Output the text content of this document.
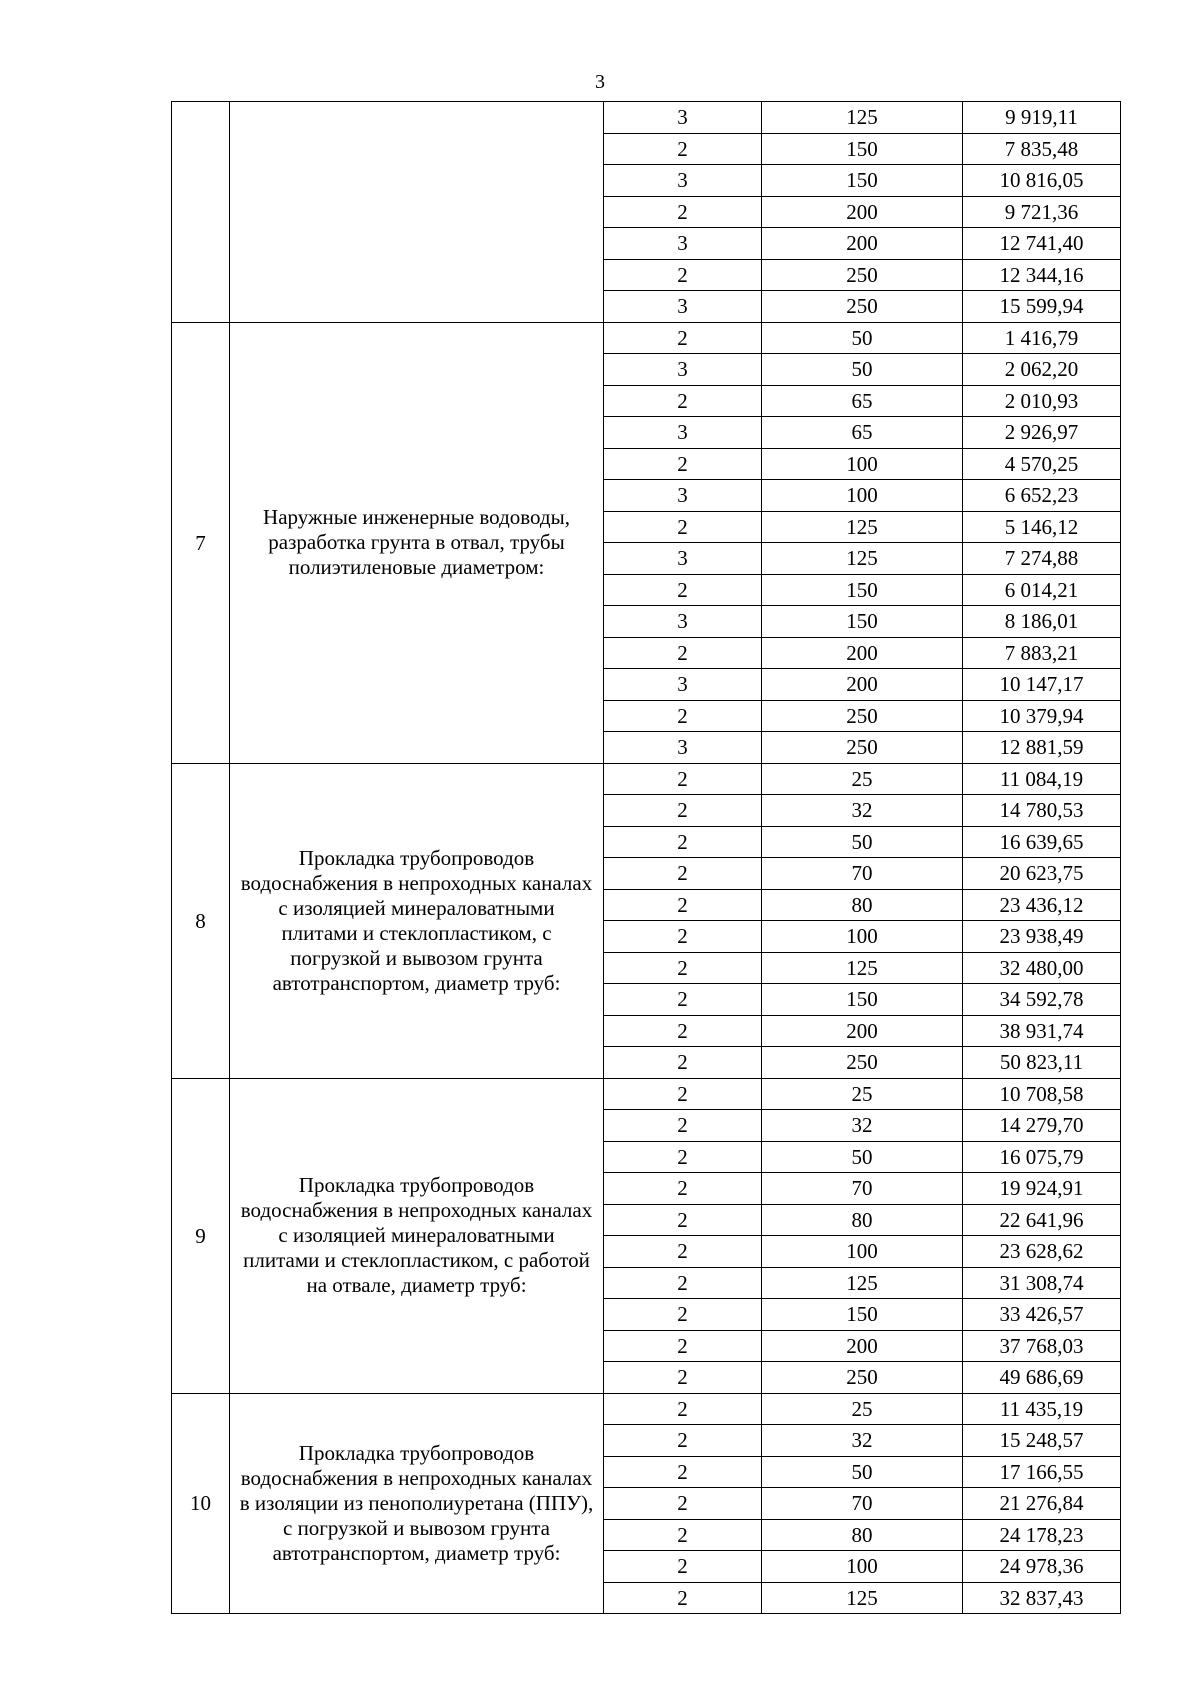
3
		3	125	9 919,11
		2	150	7 835,48
		3	150	10 816,05
		2	200	9 721,36
		3	200	12 741,40
		2	250	12 344,16
		3	250	15 599,94
7	Наружные инженерные водоводы, разработка грунта в отвал, трубы полиэтиленовые диаметром:	2	50	1 416,79
		3	50	2 062,20
		2	65	2 010,93
		3	65	2 926,97
		2	100	4 570,25
		3	100	6 652,23
		2	125	5 146,12
		3	125	7 274,88
		2	150	6 014,21
		3	150	8 186,01
		2	200	7 883,21
		3	200	10 147,17
		2	250	10 379,94
		3	250	12 881,59
8	Прокладка трубопроводов водоснабжения в непроходных каналах с изоляцией минераловатными плитами и стеклопластиком, с погрузкой и вывозом грунта автотранспортом, диаметр труб:	2	25	11 084,19
		2	32	14 780,53
		2	50	16 639,65
		2	70	20 623,75
		2	80	23 436,12
		2	100	23 938,49
		2	125	32 480,00
		2	150	34 592,78
		2	200	38 931,74
		2	250	50 823,11
9	Прокладка трубопроводов водоснабжения в непроходных каналах с изоляцией минераловатными плитами и стеклопластиком, с работой на отвале, диаметр труб:	2	25	10 708,58
		2	32	14 279,70
		2	50	16 075,79
		2	70	19 924,91
		2	80	22 641,96
		2	100	23 628,62
		2	125	31 308,74
		2	150	33 426,57
		2	200	37 768,03
		2	250	49 686,69
10	Прокладка трубопроводов водоснабжения в непроходных каналах в изоляции из пенополиуретана (ППУ), с погрузкой и вывозом грунта автотранспортом, диаметр труб:	2	25	11 435,19
		2	32	15 248,57
		2	50	17 166,55
		2	70	21 276,84
		2	80	24 178,23
		2	100	24 978,36
		2	125	32 837,43
